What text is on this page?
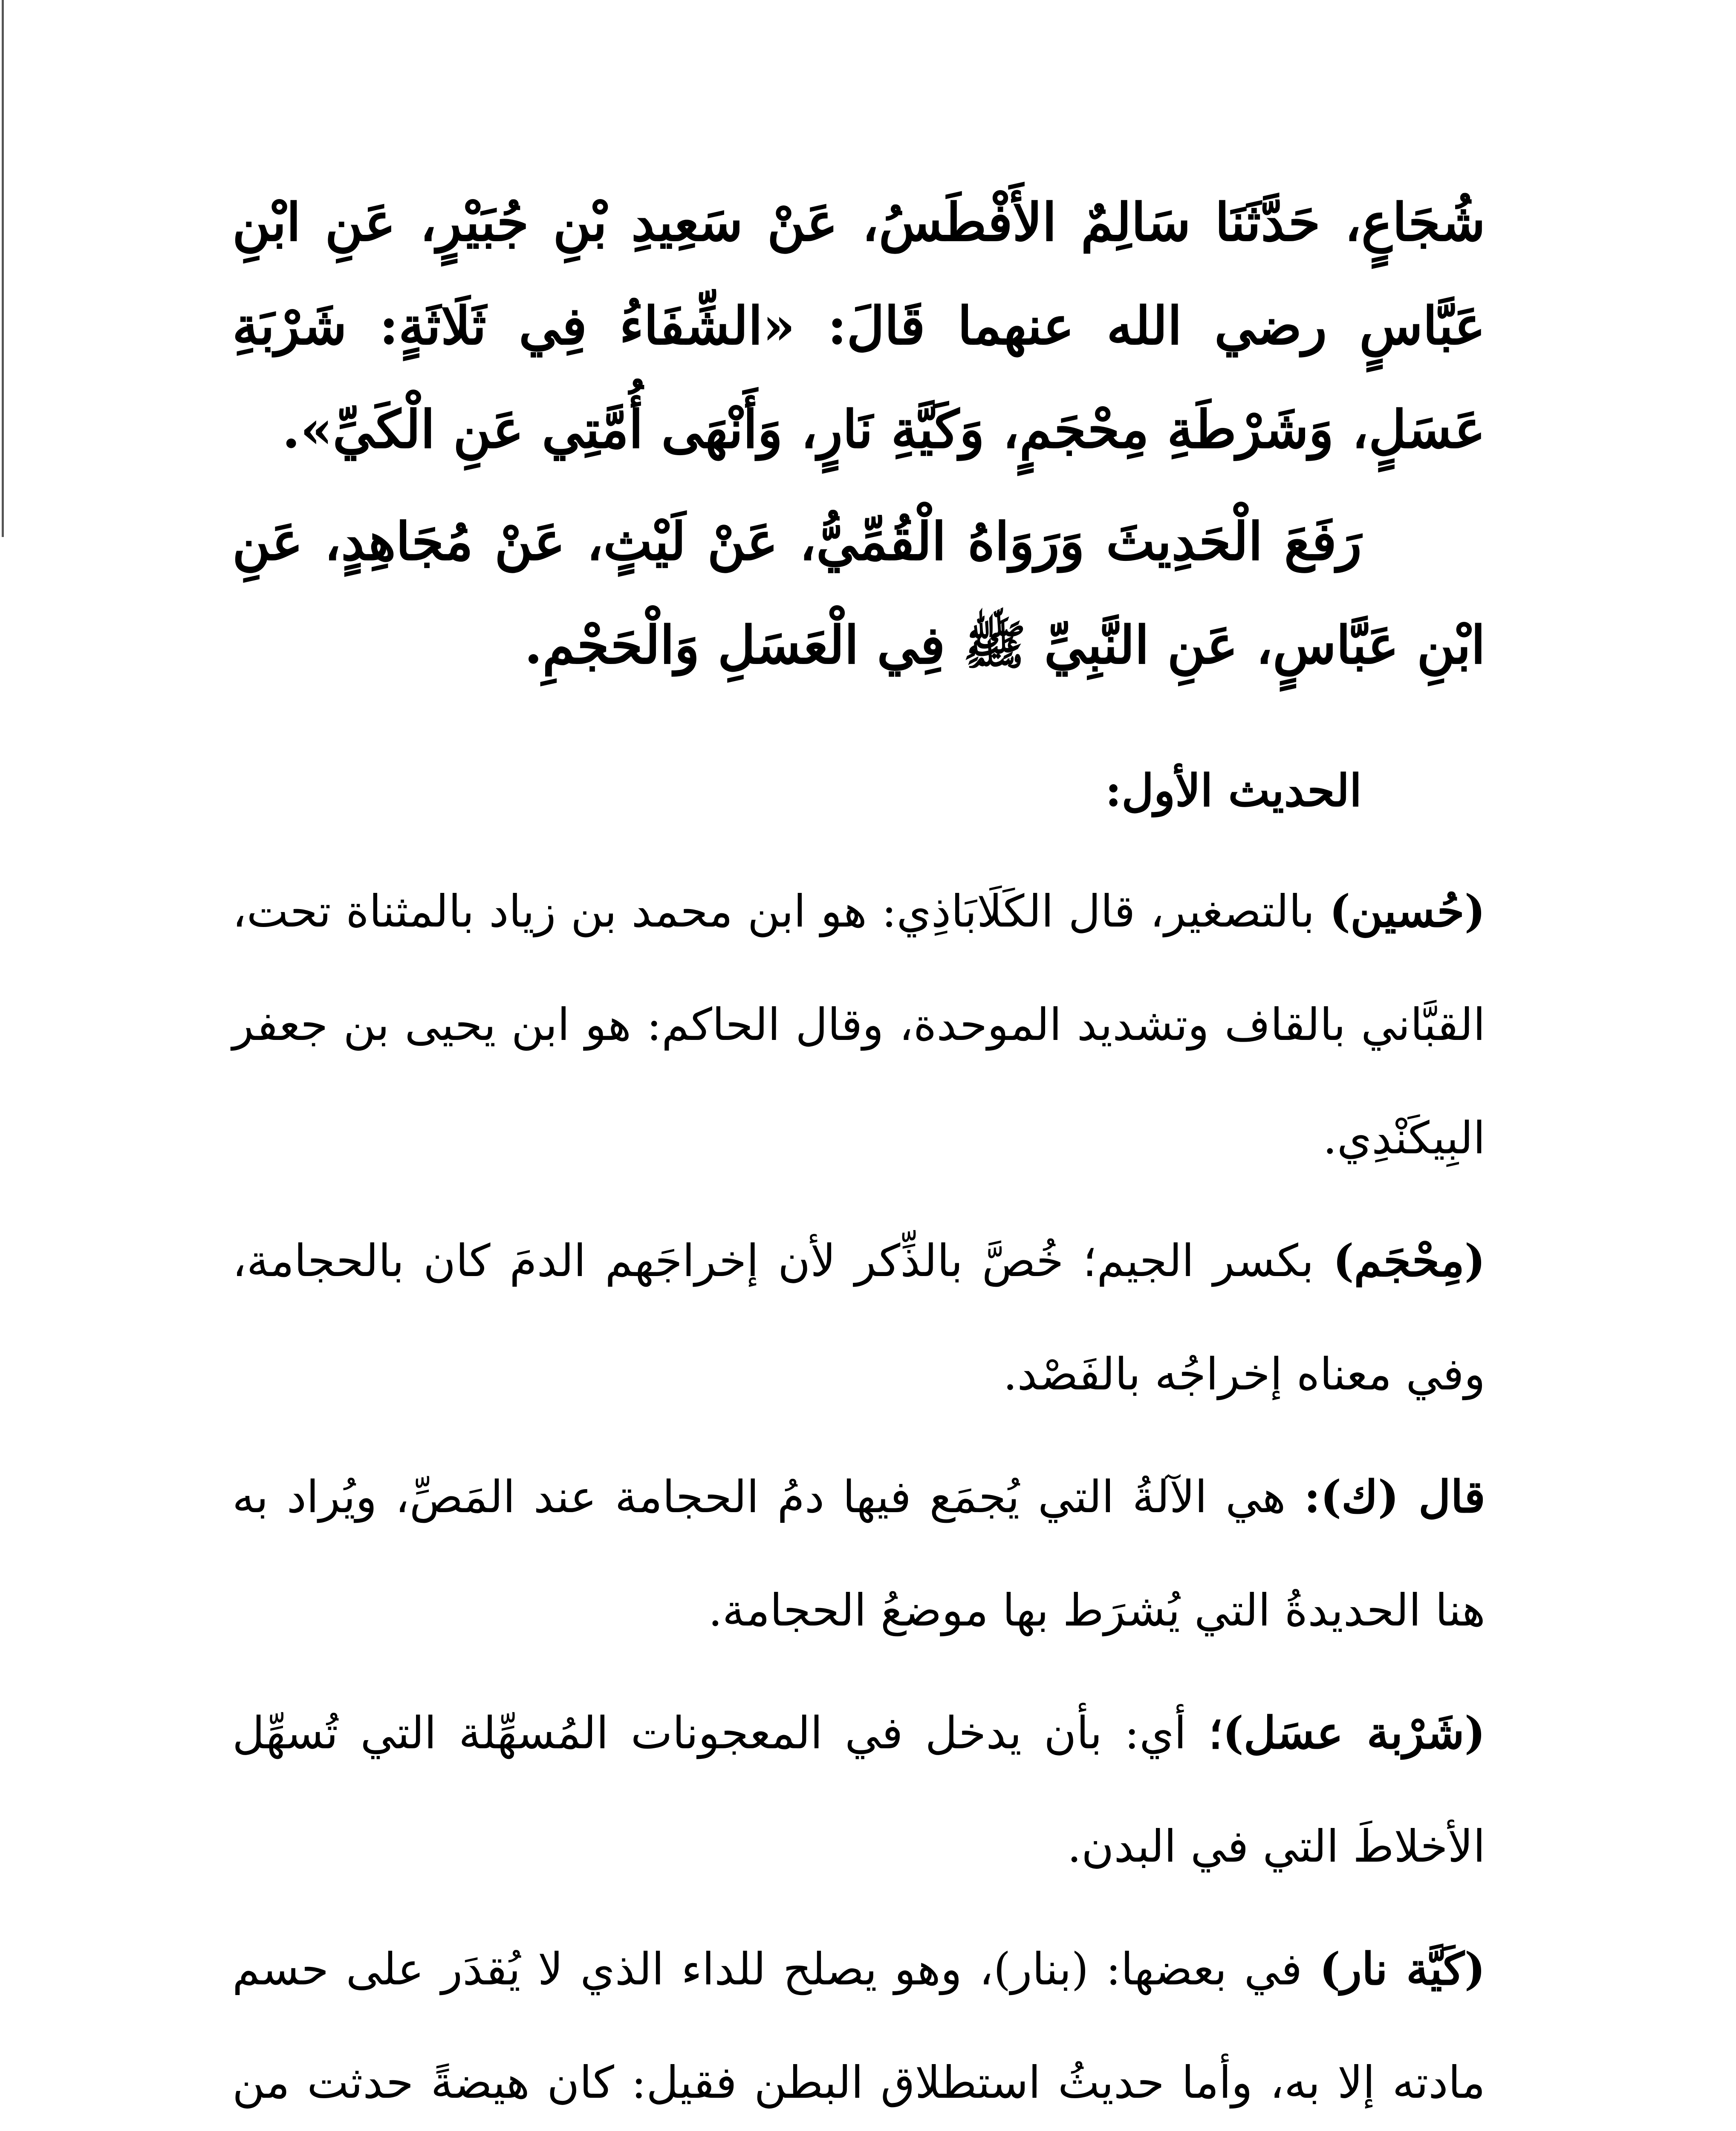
شُجَاعٍ، حَدَّثَنَا سَالِمٌ الأَفْطَسُ، عَنْ سَعِيدِ بْنِ جُبَيْرٍ، عَنِ ابْنِ عَبَّاسٍ رضي الله عنهما قَالَ: «الشِّفَاءُ فِي ثَلَاثَةٍ: شَرْبَةِ عَسَلٍ، وَشَرْطَةِ مِحْجَمٍ، وَكَيَّةِ نَارٍ، وَأَنْهَى أُمَّتِي عَنِ الْكَيِّ».

رَفَعَ الْحَدِيثَ وَرَوَاهُ الْقُمِّيُّ، عَنْ لَيْثٍ، عَنْ مُجَاهِدٍ، عَنِ ابْنِ عَبَّاسٍ، عَنِ النَّبِيِّ ﷺ فِي الْعَسَلِ وَالْحَجْمِ.

الحديث الأول:

(حُسين) بالتصغير، قال الكَلَابَاذِي: هو ابن محمد بن زياد بالمثناة تحت، القبَّاني بالقاف وتشديد الموحدة، وقال الحاكم: هو ابن يحيى بن جعفر البِيكَنْدِي.

(مِحْجَم) بكسر الجيم؛ خُصَّ بالذِّكر لأن إخراجَهم الدمَ كان بالحجامة، وفي معناه إخراجُه بالفَصْد.

قال (ك): هي الآلةُ التي يُجمَع فيها دمُ الحجامة عند المَصِّ، ويُراد به هنا الحديدةُ التي يُشرَط بها موضعُ الحجامة.

(شَرْبة عسَل)؛ أي: بأن يدخل في المعجونات المُسهِّلة التي تُسهِّل الأخلاطَ التي في البدن.

(كَيَّة نار) في بعضها: (بنار)، وهو يصلح للداء الذي لا يُقدَر على حسم مادته إلا به، وأما حديثُ استطلاق البطن فقيل: كان هيضةً حدثت من
